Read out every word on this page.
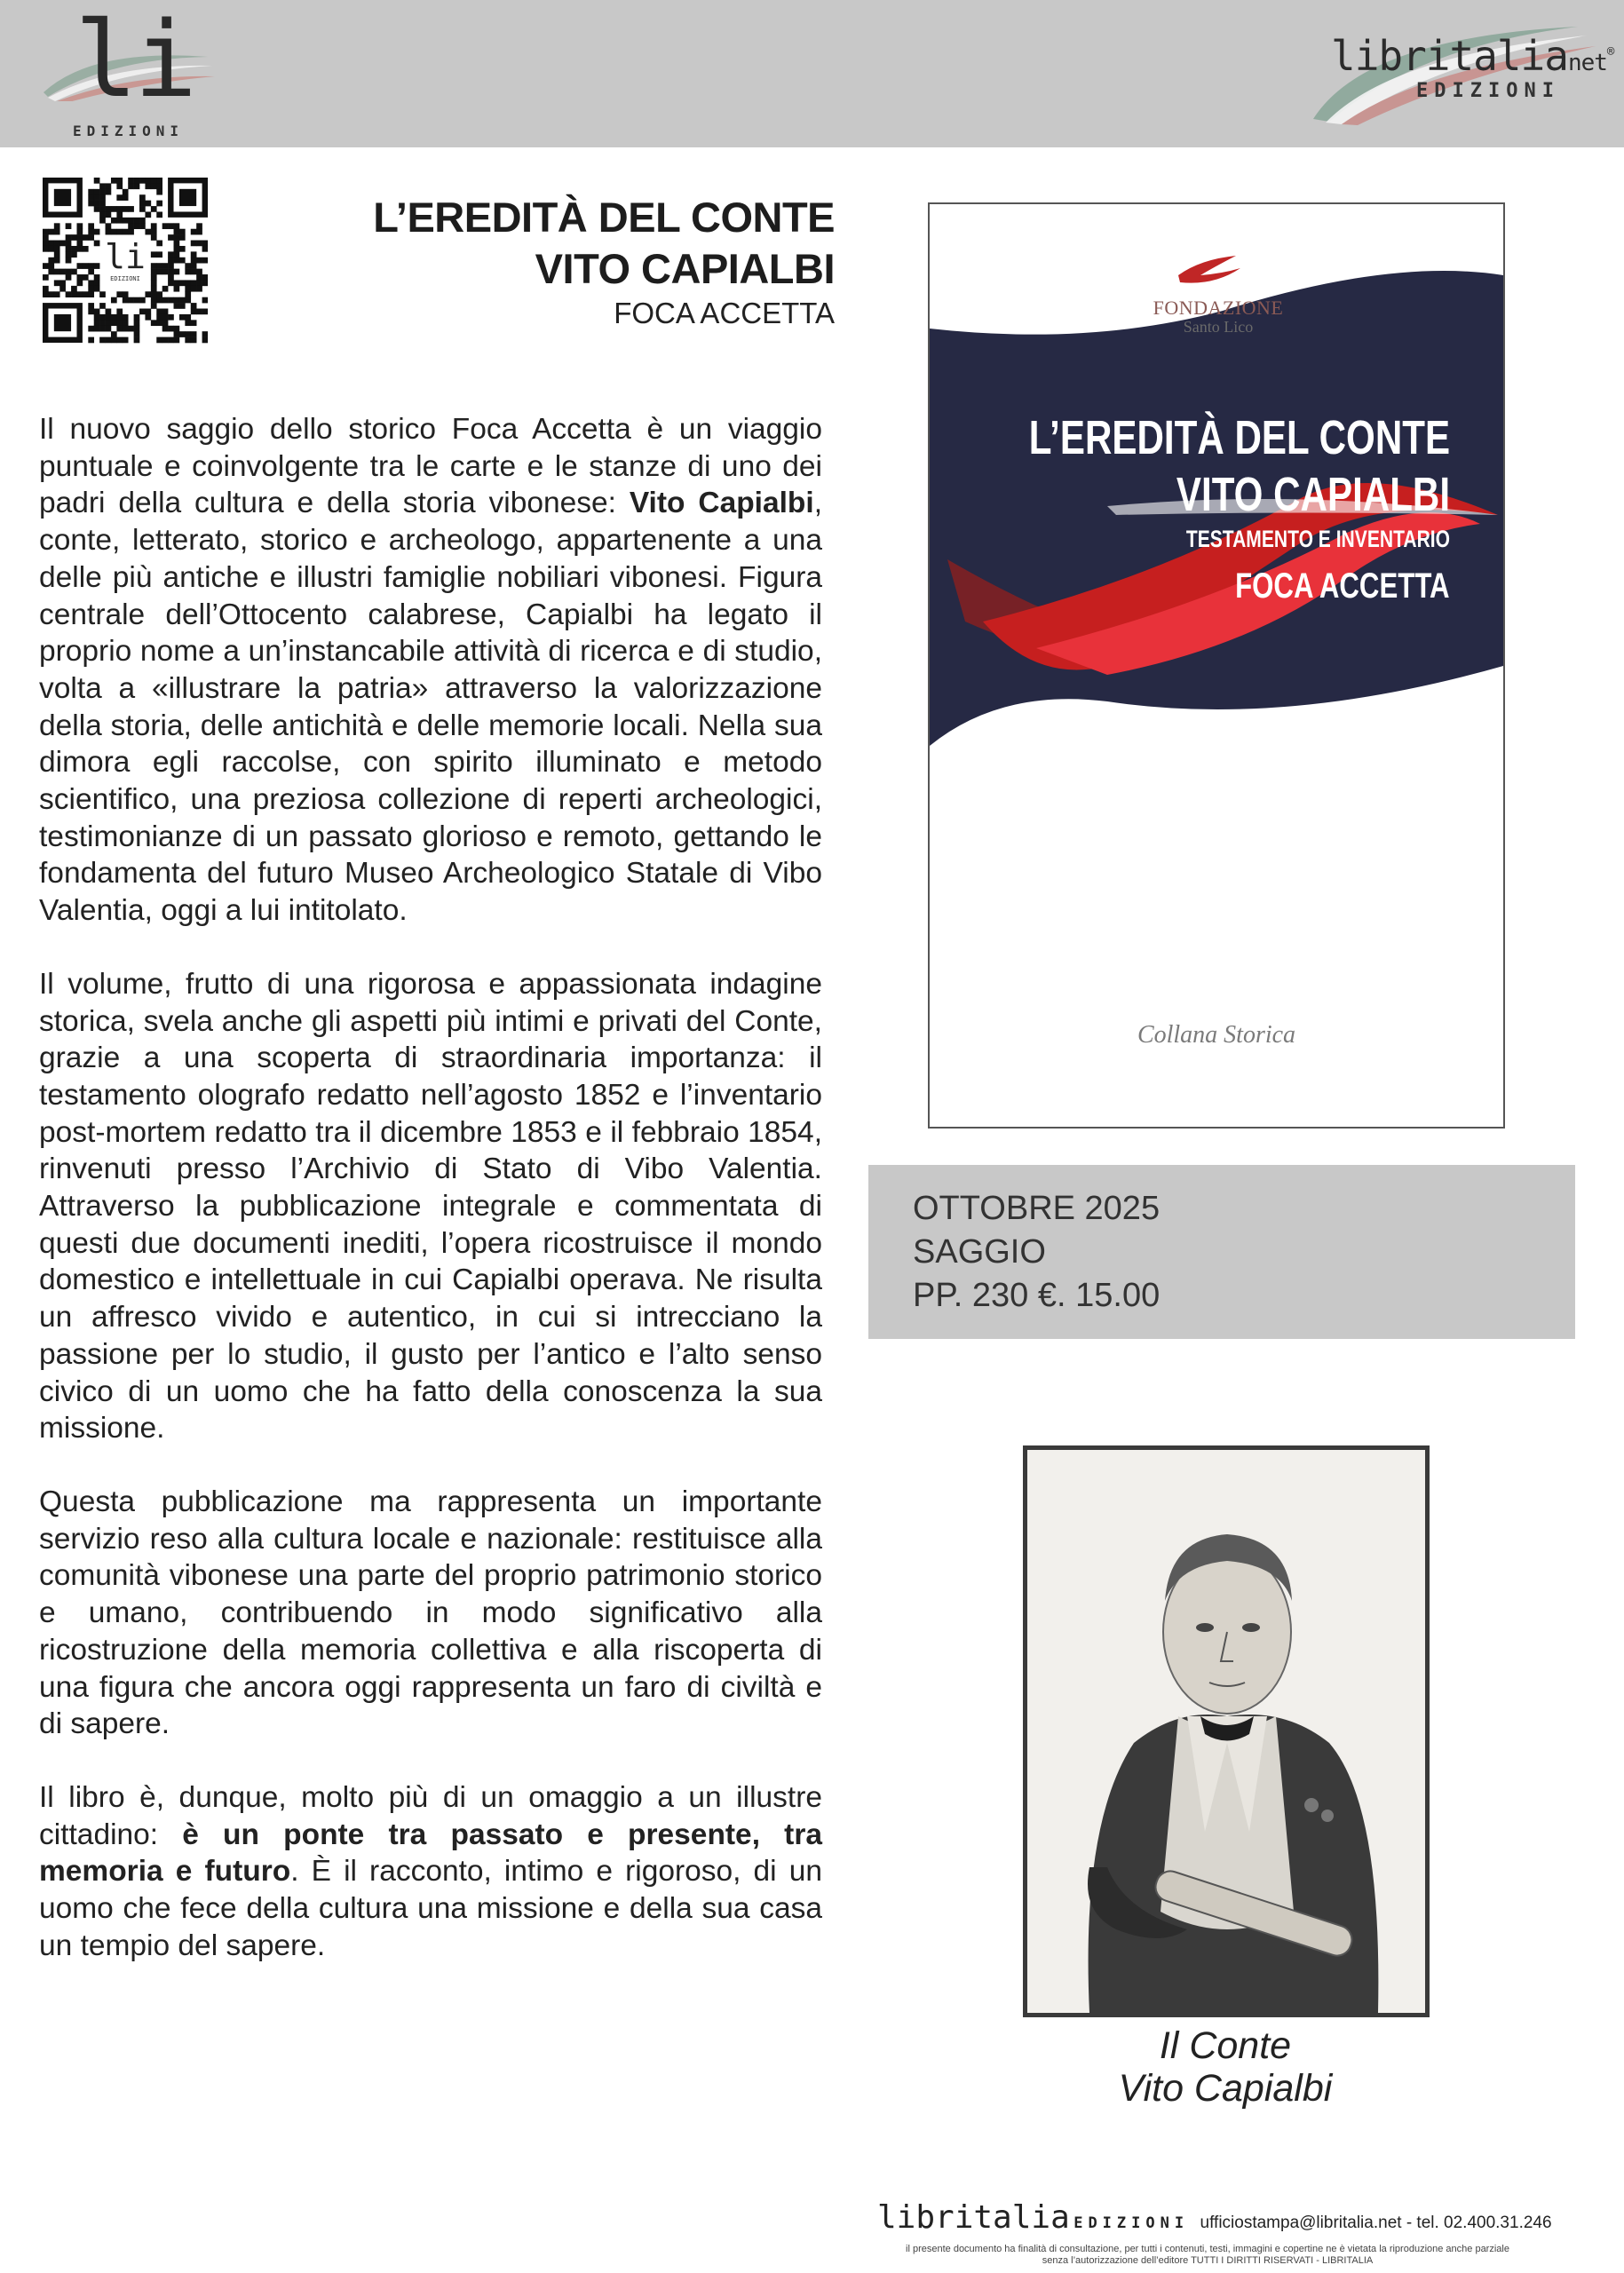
li
EDIZIONI
libritalianet®
EDIZIONI
li
EDIZIONI
L’EREDITÀ DEL CONTE
VITO CAPIALBI
FOCA ACCETTA

Il nuovo saggio dello storico Foca Accetta è un viaggio puntuale e coinvolgente tra le carte e le stanze di uno dei padri della cultura e della storia vibonese: Vito Capialbi, conte, letterato, storico e archeologo, appartenente a una delle più antiche e illustri famiglie nobiliari vibonesi. Figura centrale dell’Ottocento calabrese, Capialbi ha legato il proprio nome a un’instancabile attività di ricerca e di studio, volta a «illustrare la patria» attraverso la valorizzazione della storia, delle antichità e delle memorie locali. Nella sua dimora egli raccolse, con spirito illuminato e metodo scientifico, una preziosa collezione di reperti archeologici, testimonianze di un passato glorioso e remoto, gettando le fondamenta del futuro Museo Archeologico Statale di Vibo Valentia, oggi a lui intitolato.

Il volume, frutto di una rigorosa e appassionata indagine storica, svela anche gli aspetti più intimi e privati del Conte, grazie a una scoperta di straordinaria importanza: il testamento olografo redatto nell’agosto 1852 e l’inventario post-mortem redatto tra il dicembre 1853 e il febbraio 1854, rinvenuti presso l’Archivio di Stato di Vibo Valentia. Attraverso la pubblicazione integrale e commentata di questi due documenti inediti, l’opera ricostruisce il mondo domestico e intellettuale in cui Capialbi operava. Ne risulta un affresco vivido e autentico, in cui si intrecciano la passione per lo studio, il gusto per l’antico e l’alto senso civico di un uomo che ha fatto della conoscenza la sua missione.

Questa pubblicazione ma rappresenta un importante servizio reso alla cultura locale e nazionale: restituisce alla comunità vibonese una parte del proprio patrimonio storico e umano, contribuendo in modo significativo alla ricostruzione della memoria collettiva e alla riscoperta di una figura che ancora oggi rappresenta un faro di civiltà e di sapere.

Il libro è, dunque, molto più di un omaggio a un illustre cittadino: è un ponte tra passato e presente, tra memoria e futuro. È il racconto, intimo e rigoroso, di un uomo che fece della cultura una missione e della sua casa un tempio del sapere.

FONDAZIONE
Santo Lico
L’EREDITÀ DEL CONTE
VITO CAPIALBI
TESTAMENTO E INVENTARIO
FOCA ACCETTA
Collana Storica
OTTOBRE 2025
SAGGIO
PP. 230 €. 15.00
Il Conte
Vito Capialbi
libritalia EDIZIONI ufficiostampa@libritalia.net - tel. 02.400.31.246
il presente documento ha finalità di consultazione, per tutti i contenuti, testi, immagini e copertine ne è vietata la riproduzione anche parziale
senza l’autorizzazione dell’editore TUTTI I DIRITTI RISERVATI - LIBRITALIA
